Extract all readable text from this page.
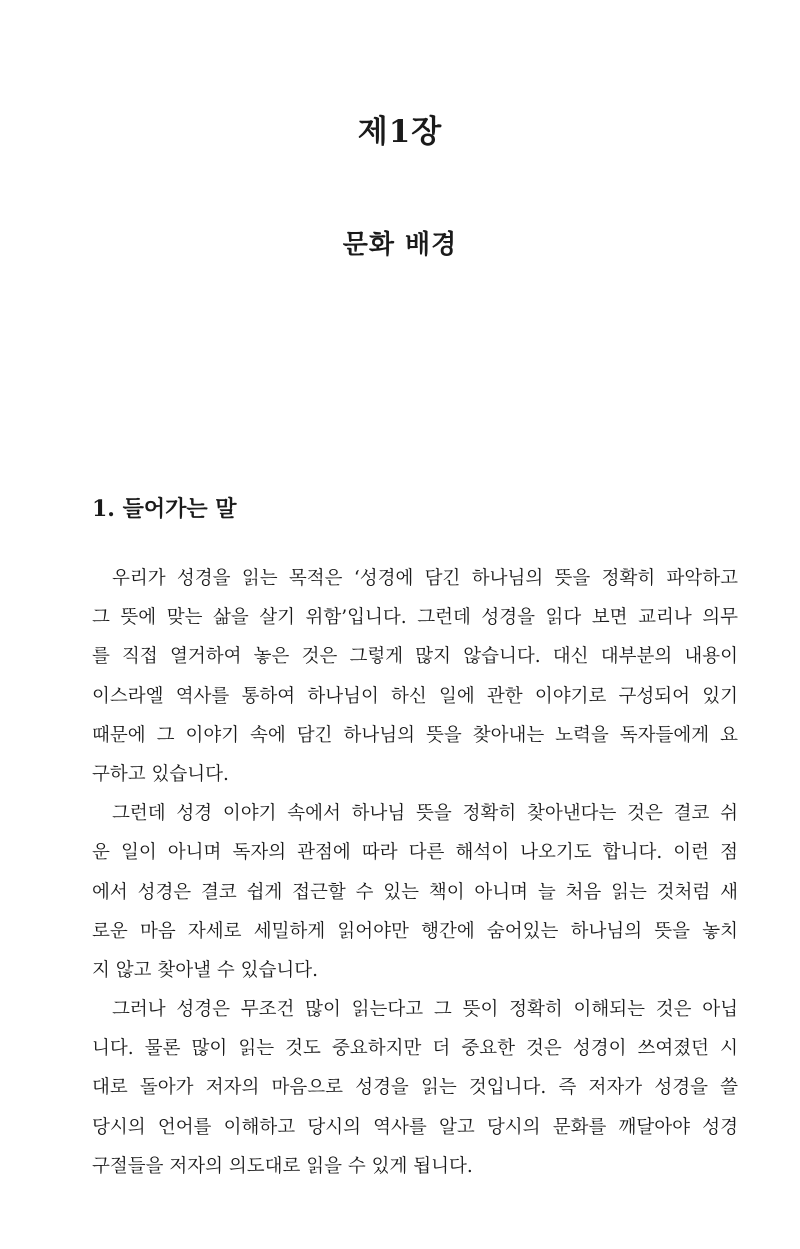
제1장
문화 배경
1. 들어가는 말
우리가 성경을 읽는 목적은 ‘성경에 담긴 하나님의 뜻을 정확히 파악하고
그 뜻에 맞는 삶을 살기 위함’입니다. 그런데 성경을 읽다 보면 교리나 의무
를 직접 열거하여 놓은 것은 그렇게 많지 않습니다. 대신 대부분의 내용이
이스라엘 역사를 통하여 하나님이 하신 일에 관한 이야기로 구성되어 있기
때문에 그 이야기 속에 담긴 하나님의 뜻을 찾아내는 노력을 독자들에게 요
구하고 있습니다.
그런데 성경 이야기 속에서 하나님 뜻을 정확히 찾아낸다는 것은 결코 쉬
운 일이 아니며 독자의 관점에 따라 다른 해석이 나오기도 합니다. 이런 점
에서 성경은 결코 쉽게 접근할 수 있는 책이 아니며 늘 처음 읽는 것처럼 새
로운 마음 자세로 세밀하게 읽어야만 행간에 숨어있는 하나님의 뜻을 놓치
지 않고 찾아낼 수 있습니다.
그러나 성경은 무조건 많이 읽는다고 그 뜻이 정확히 이해되는 것은 아닙
니다. 물론 많이 읽는 것도 중요하지만 더 중요한 것은 성경이 쓰여졌던 시
대로 돌아가 저자의 마음으로 성경을 읽는 것입니다. 즉 저자가 성경을 쓸
당시의 언어를 이해하고 당시의 역사를 알고 당시의 문화를 깨달아야 성경
구절들을 저자의 의도대로 읽을 수 있게 됩니다.
